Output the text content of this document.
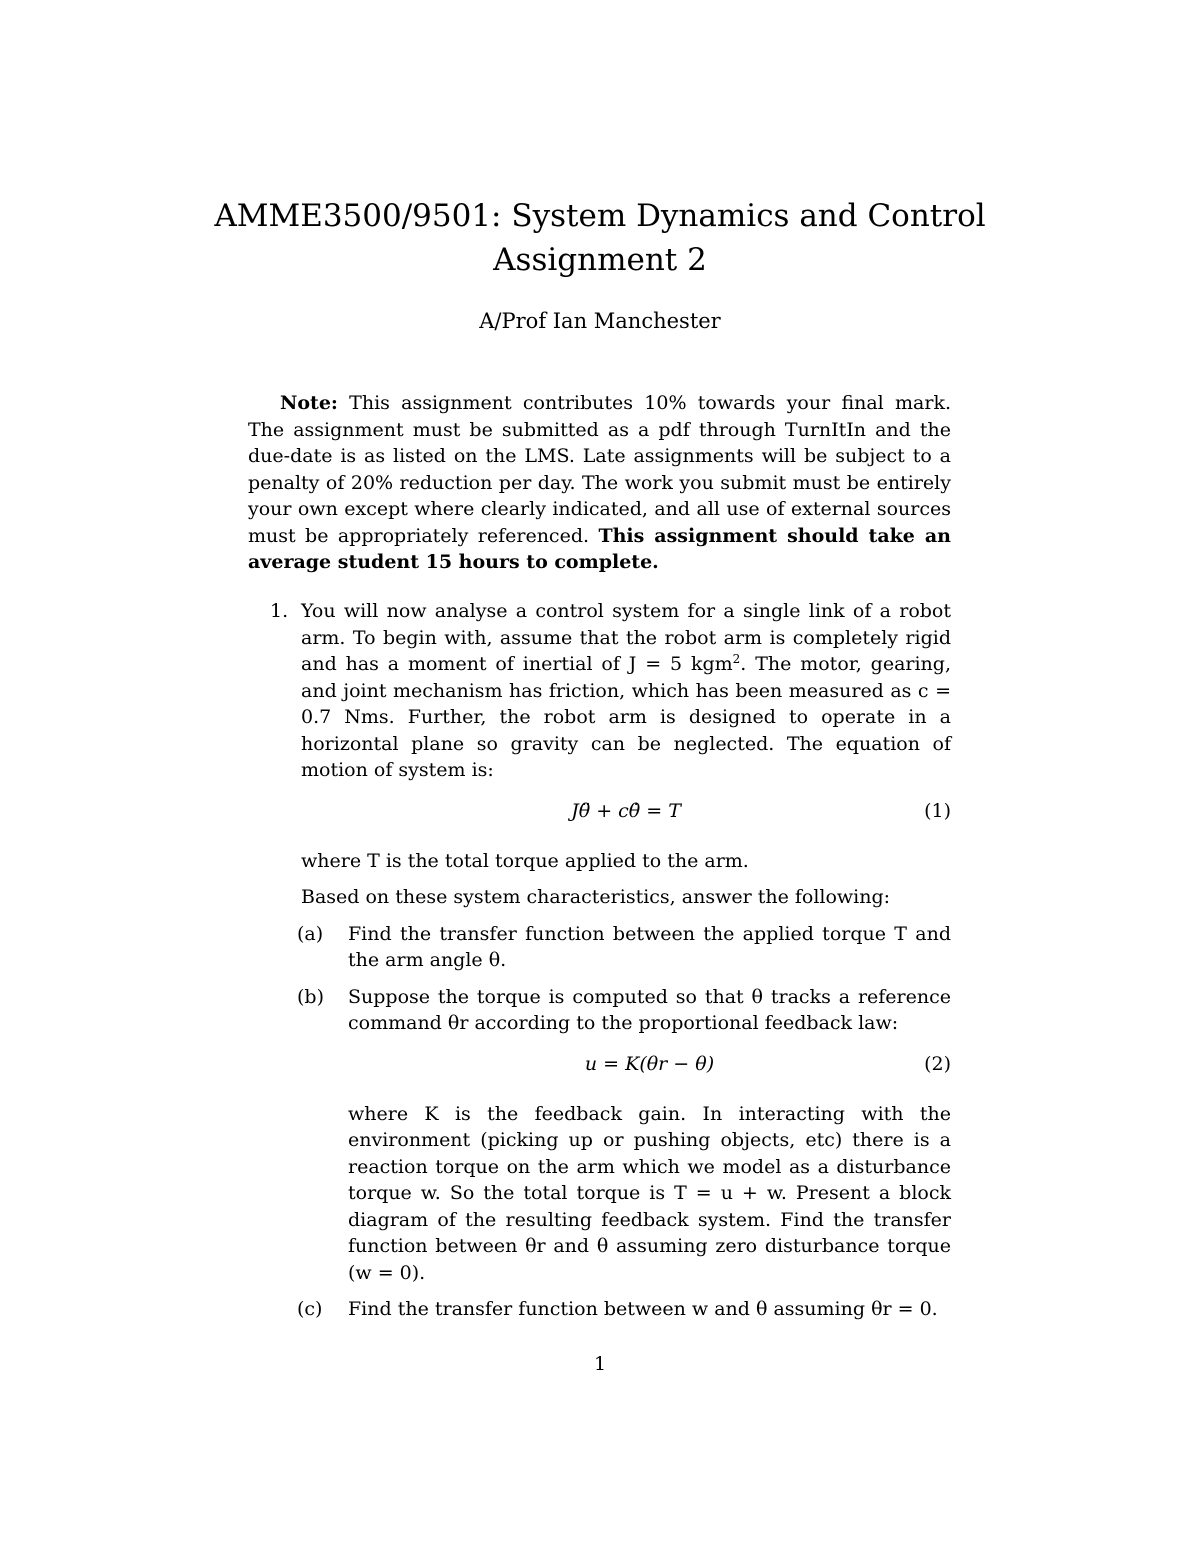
AMME3500/9501: System Dynamics and Control
Assignment 2
A/Prof Ian Manchester
Note: This assignment contributes 10% towards your final mark. The assignment must be submitted as a pdf through TurnItIn and the due-date is as listed on the LMS. Late assignments will be subject to a penalty of 20% reduction per day. The work you submit must be entirely your own except where clearly indicated, and all use of external sources must be appropriately referenced. This assignment should take an average student 15 hours to complete.
1. You will now analyse a control system for a single link of a robot arm. To begin with, assume that the robot arm is completely rigid and has a moment of inertial of J = 5 kgm$^2$. The motor, gearing, and joint mechanism has friction, which has been measured as c = 0.7 Nms. Further, the robot arm is designed to operate in a horizontal plane so gravity can be neglected. The equation of motion of system is:

Jθ̈ + cθ̇ = T	(1)

where T is the total torque applied to the arm.

Based on these system characteristics, answer the following:

(a) Find the transfer function between the applied torque T and the arm angle θ.

(b) Suppose the torque is computed so that θ tracks a reference command θr according to the proportional feedback law:

u = K(θr − θ)	(2)

where K is the feedback gain. In interacting with the environment (picking up or pushing objects, etc) there is a reaction torque on the arm which we model as a disturbance torque w. So the total torque is T = u + w. Present a block diagram of the resulting feedback system. Find the transfer function between θr and θ assuming zero disturbance torque (w = 0).

(c) Find the transfer function between w and θ assuming θr = 0.

1
